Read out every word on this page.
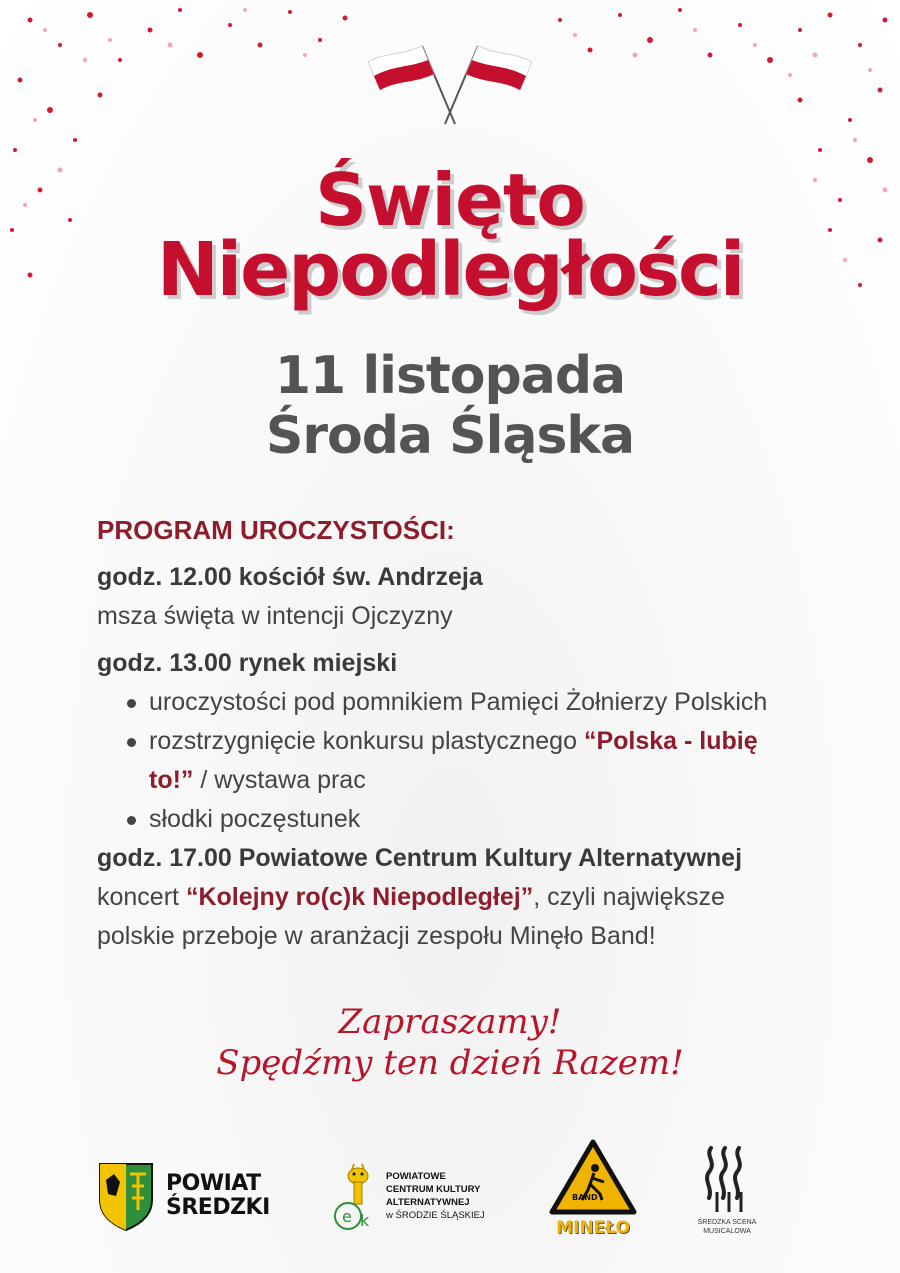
Święto
Niepodległości
11 listopada
Środa Śląska
PROGRAM UROCZYSTOŚCI:
godz. 12.00 kościół św. Andrzeja
msza święta w intencji Ojczyzny
godz. 13.00 rynek miejski
uroczystości pod pomnikiem Pamięci Żołnierzy Polskich
rozstrzygnięcie konkursu plastycznego “Polska - lubię
to!” / wystawa prac
słodki poczęstunek
godz. 17.00 Powiatowe Centrum Kultury Alternatywnej
koncert “Kolejny ro(c)k Niepodległej”, czyli największe
polskie przeboje w aranżacji zespołu Minęło Band!

Zapraszamy!

Spędźmy ten dzień Razem!

POWIAT
ŚREDZKI	e k
POWIATOWE
CENTRUM KULTURY
ALTERNATYWNEJ
w ŚRODZIE ŚLĄSKIEJ
BAND
MINEŁO	ŚREDZKA SCENA
MUSICALOWA
